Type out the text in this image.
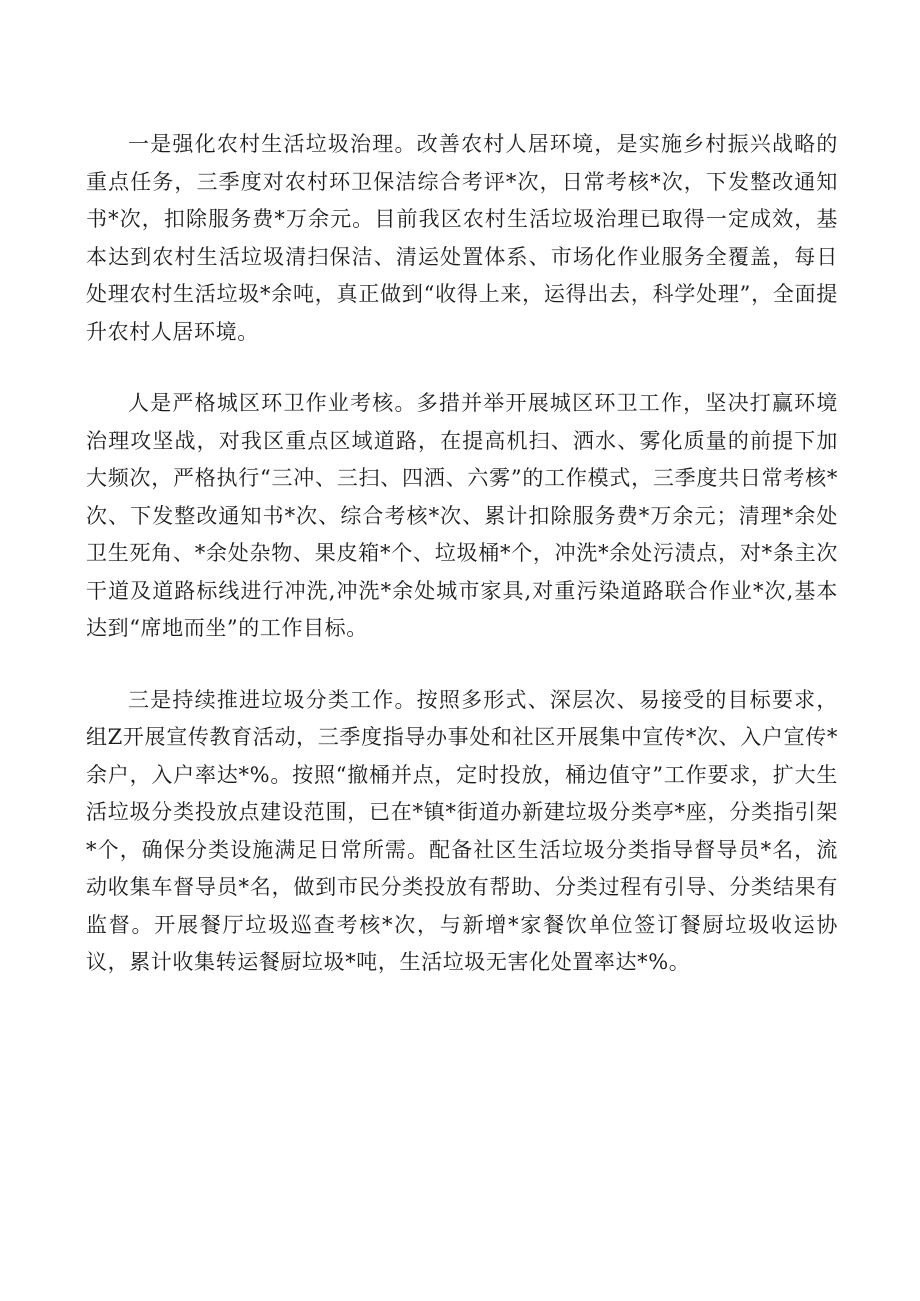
一是强化农村生活垃圾治理。改善农村人居环境，是实施乡村振兴战略的重点任务，三季度对农村环卫保洁综合考评*次，日常考核*次，下发整改通知书*次，扣除服务费*万余元。目前我区农村生活垃圾治理已取得一定成效，基本达到农村生活垃圾清扫保洁、清运处置体系、市场化作业服务全覆盖，每日处理农村生活垃圾*余吨，真正做到“收得上来，运得出去，科学处理”，全面提升农村人居环境。

人是严格城区环卫作业考核。多措并举开展城区环卫工作，坚决打赢环境治理攻坚战，对我区重点区域道路，在提高机扫、洒水、雾化质量的前提下加大频次，严格执行“三冲、三扫、四洒、六雾”的工作模式，三季度共日常考核*次、下发整改通知书*次、综合考核*次、累计扣除服务费*万余元；清理*余处卫生死角、*余处杂物、果皮箱*个、垃圾桶*个，冲洗*余处污渍点，对*条主次干道及道路标线进行冲洗,冲洗*余处城市家具,对重污染道路联合作业*次,基本达到“席地而坐”的工作目标。

三是持续推进垃圾分类工作。按照多形式、深层次、易接受的目标要求，组Z开展宣传教育活动，三季度指导办事处和社区开展集中宣传*次、入户宣传*余户，入户率达*%。按照“撤桶并点，定时投放，桶边值守”工作要求，扩大生活垃圾分类投放点建设范围，已在*镇*街道办新建垃圾分类亭*座，分类指引架*个，确保分类设施满足日常所需。配备社区生活垃圾分类指导督导员*名，流动收集车督导员*名，做到市民分类投放有帮助、分类过程有引导、分类结果有监督。开展餐厅垃圾巡查考核*次，与新增*家餐饮单位签订餐厨垃圾收运协议，累计收集转运餐厨垃圾*吨，生活垃圾无害化处置率达*%。
